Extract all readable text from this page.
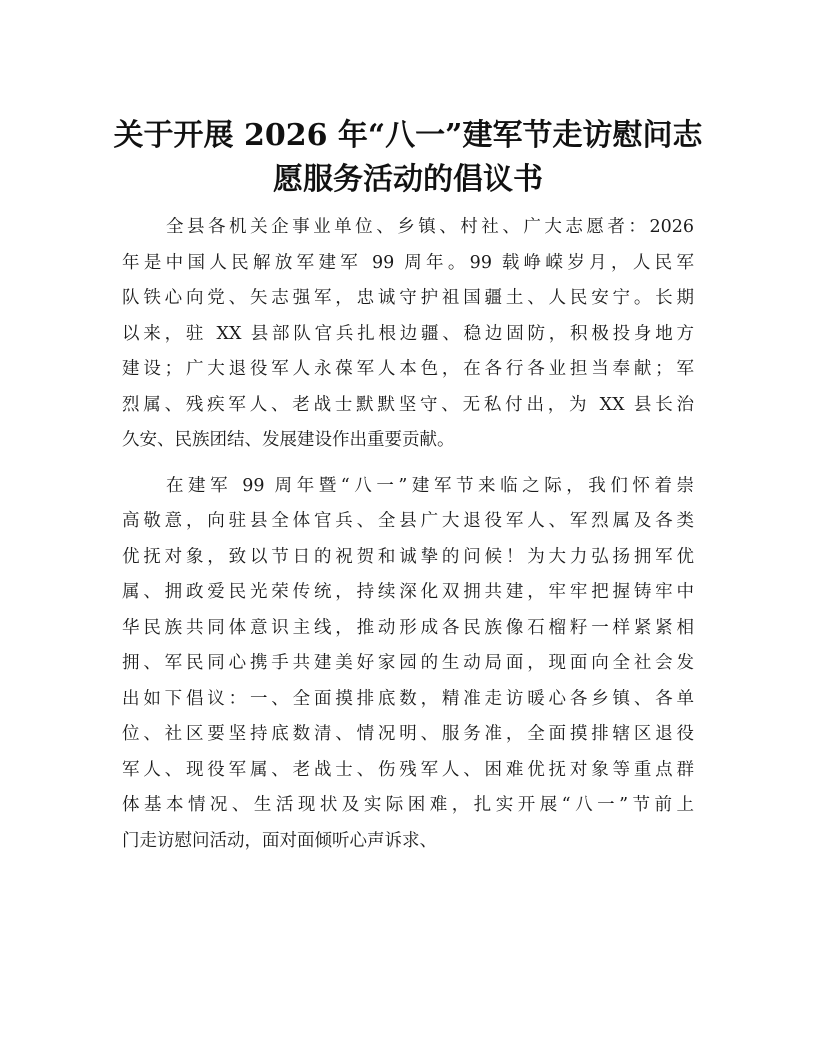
关于开展 2026 年“八一”建军节走访慰问志
愿服务活动的倡议书

全县各机关企事业单位、乡镇、村社、广大志愿者：2026
年是中国人民解放军建军 99 周年。99 载峥嵘岁月，人民军
队铁心向党、矢志强军，忠诚守护祖国疆土、人民安宁。长期
以来，驻 XX 县部队官兵扎根边疆、稳边固防，积极投身地方
建设；广大退役军人永葆军人本色，在各行各业担当奉献；军
烈属、残疾军人、老战士默默坚守、无私付出，为 XX 县长治
久安、民族团结、发展建设作出重要贡献。

在建军 99 周年暨“八一”建军节来临之际，我们怀着崇
高敬意，向驻县全体官兵、全县广大退役军人、军烈属及各类
优抚对象，致以节日的祝贺和诚挚的问候！为大力弘扬拥军优
属、拥政爱民光荣传统，持续深化双拥共建，牢牢把握铸牢中
华民族共同体意识主线，推动形成各民族像石榴籽一样紧紧相
拥、军民同心携手共建美好家园的生动局面，现面向全社会发
出如下倡议：一、全面摸排底数，精准走访暖心各乡镇、各单
位、社区要坚持底数清、情况明、服务准，全面摸排辖区退役
军人、现役军属、老战士、伤残军人、困难优抚对象等重点群
体基本情况、生活现状及实际困难，扎实开展“八一”节前上
门走访慰问活动，面对面倾听心声诉求、
